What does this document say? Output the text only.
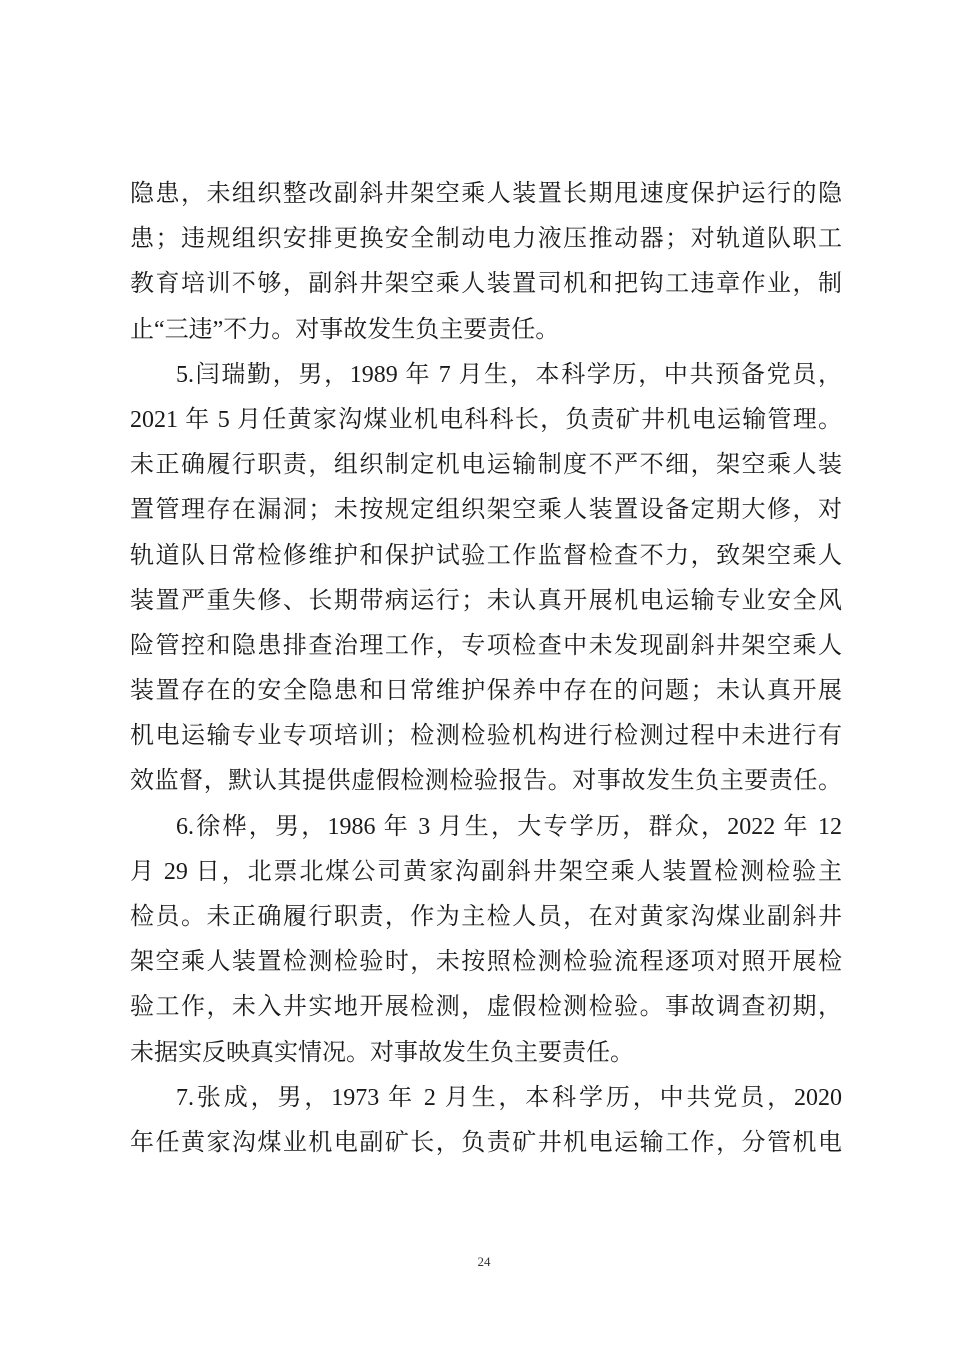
隐患，未组织整改副斜井架空乘人装置长期甩速度保护运行的隐
患；违规组织安排更换安全制动电力液压推动器；对轨道队职工
教育培训不够，副斜井架空乘人装置司机和把钩工违章作业，制
止“三违”不力。对事故发生负主要责任。
5.闫瑞勤，男，1989 年 7 月生，本科学历，中共预备党员，
2021 年 5 月任黄家沟煤业机电科科长，负责矿井机电运输管理。
未正确履行职责，组织制定机电运输制度不严不细，架空乘人装
置管理存在漏洞；未按规定组织架空乘人装置设备定期大修，对
轨道队日常检修维护和保护试验工作监督检查不力，致架空乘人
装置严重失修、长期带病运行；未认真开展机电运输专业安全风
险管控和隐患排查治理工作，专项检查中未发现副斜井架空乘人
装置存在的安全隐患和日常维护保养中存在的问题；未认真开展
机电运输专业专项培训；检测检验机构进行检测过程中未进行有
效监督，默认其提供虚假检测检验报告。对事故发生负主要责任。
6.徐桦，男，1986 年 3 月生，大专学历，群众，2022 年 12
月 29 日，北票北煤公司黄家沟副斜井架空乘人装置检测检验主
检员。未正确履行职责，作为主检人员，在对黄家沟煤业副斜井
架空乘人装置检测检验时，未按照检测检验流程逐项对照开展检
验工作，未入井实地开展检测，虚假检测检验。事故调查初期，
未据实反映真实情况。对事故发生负主要责任。
7.张成，男，1973 年 2 月生，本科学历，中共党员，2020
年任黄家沟煤业机电副矿长，负责矿井机电运输工作，分管机电
24
